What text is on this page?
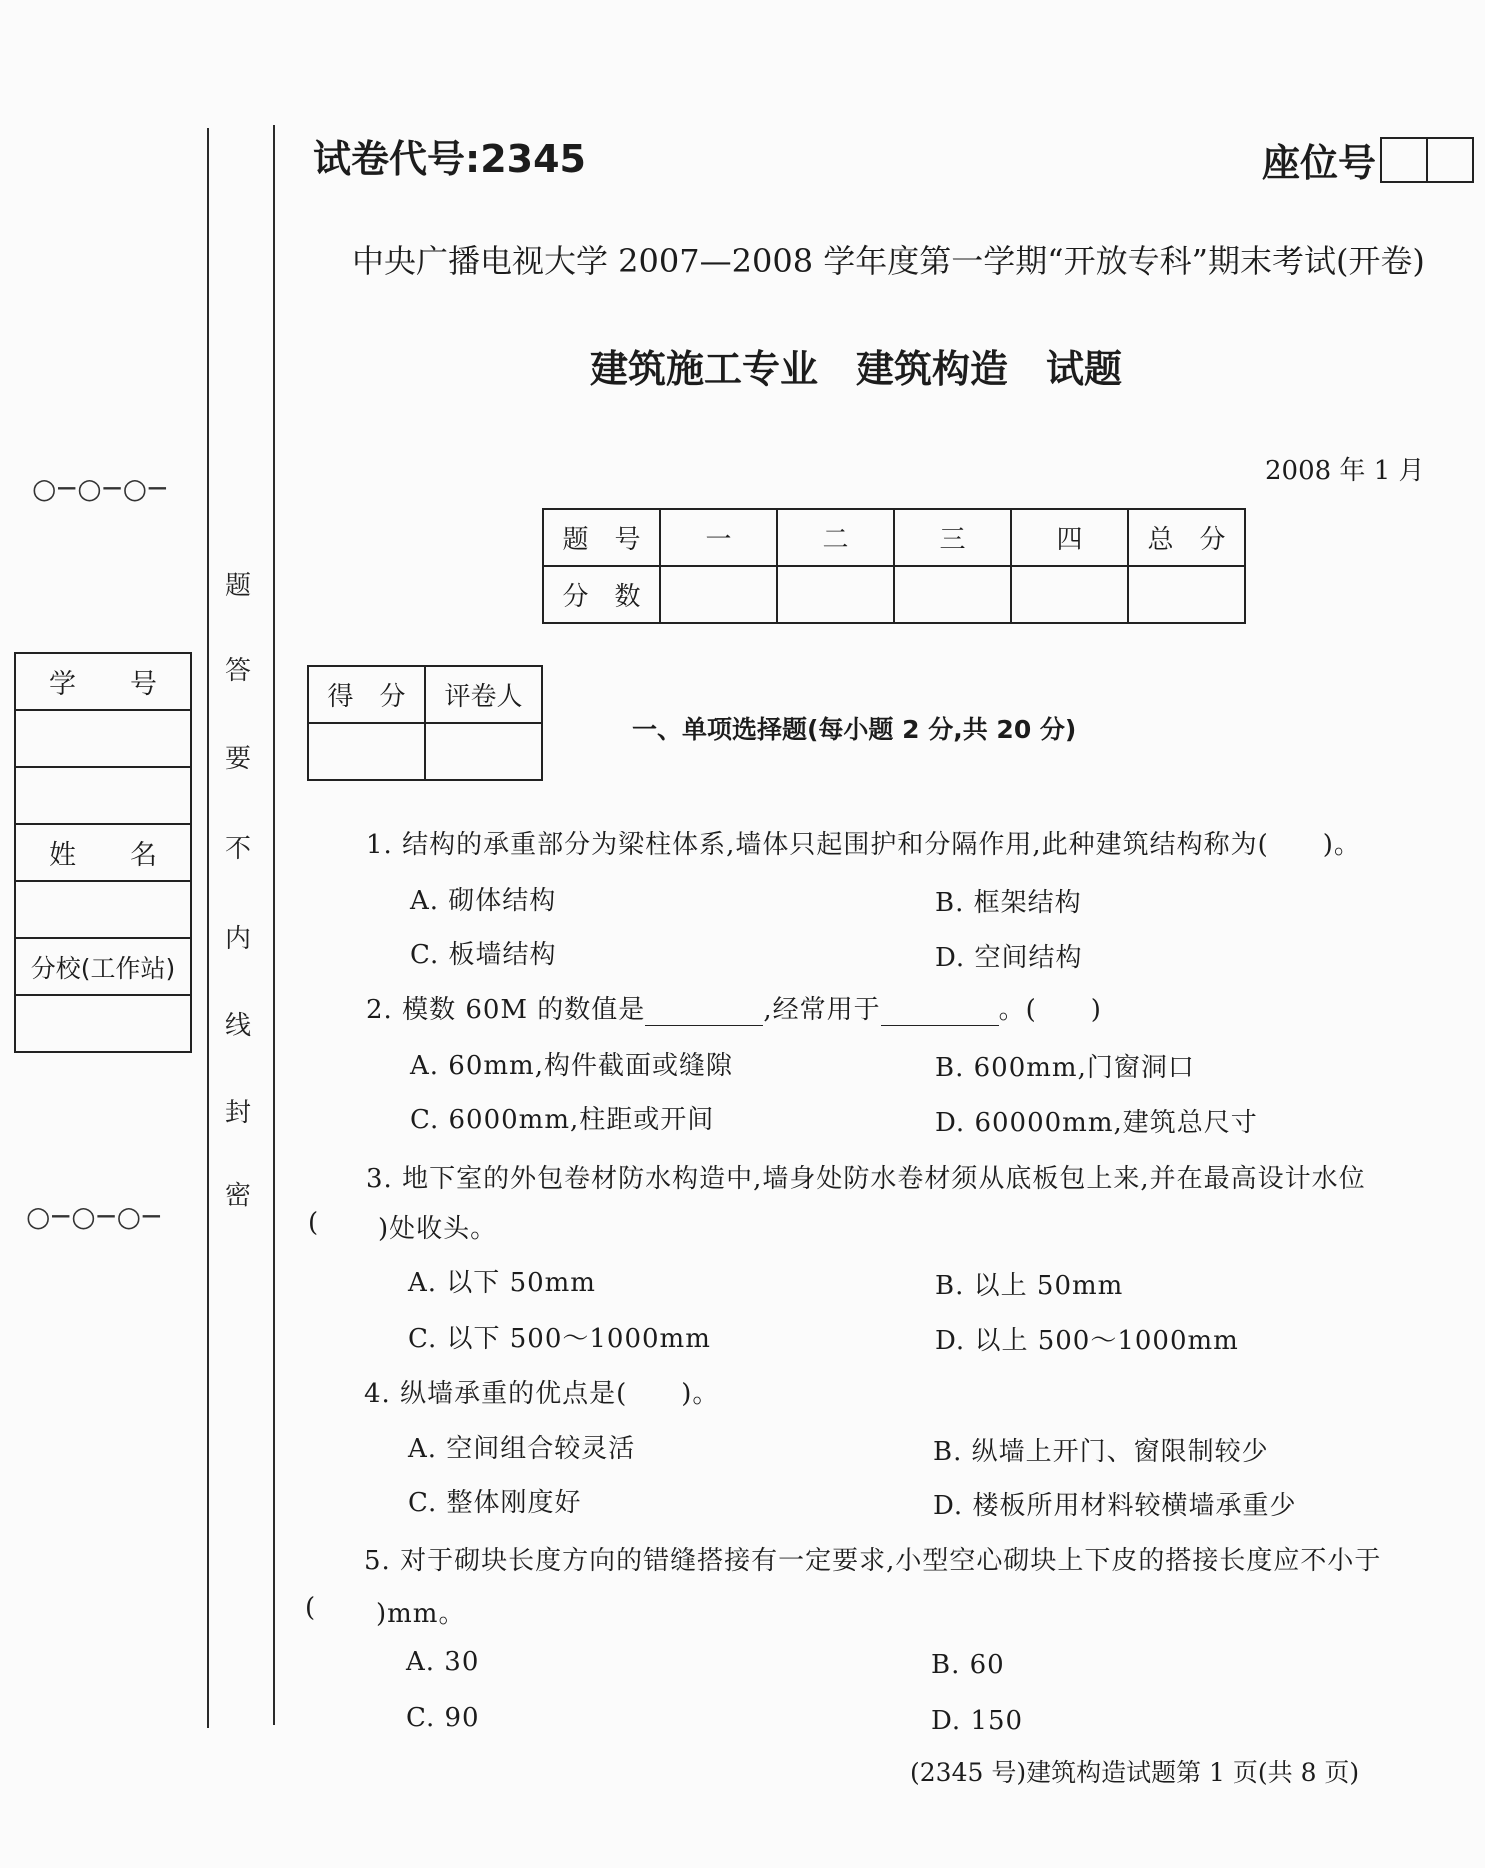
○─○─○─
○─○─○─
题
答
要
不
内
线
封
密
学　　号

姓　　名

分校(工作站)

试卷代号:2345	座位号
中央广播电视大学 2007—2008 学年度第一学期“开放专科”期末考试(开卷)
建筑施工专业　建筑构造　试题
2008 年 1 月
题　号	一	二	三	四	总　分
分　数					
得　分	评卷人

一、单项选择题(每小题 2 分,共 20 分)
1. 结构的承重部分为梁柱体系,墙体只起围护和分隔作用,此种建筑结构称为(　　)。
A. 砌体结构	B. 框架结构
C. 板墙结构	D. 空间结构
2. 模数 60M 的数值是	,经常用于	。(　　)
A. 60mm,构件截面或缝隙	B. 600mm,门窗洞口
C. 6000mm,柱距或开间	D. 60000mm,建筑总尺寸
3. 地下室的外包卷材防水构造中,墙身处防水卷材须从底板包上来,并在最高设计水位
( )处收头。
A. 以下 50mm	B. 以上 50mm
C. 以下 500～1000mm	D. 以上 500～1000mm
4. 纵墙承重的优点是(　　)。
A. 空间组合较灵活	B. 纵墙上开门、窗限制较少
C. 整体刚度好	D. 楼板所用材料较横墙承重少
5. 对于砌块长度方向的错缝搭接有一定要求,小型空心砌块上下皮的搭接长度应不小于
( )mm。
A. 30	B. 60
C. 90	D. 150
(2345 号)建筑构造试题第 1 页(共 8 页)
